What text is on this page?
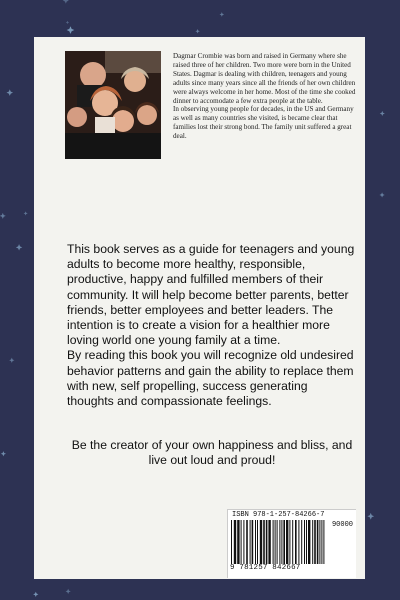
Dagmar Crombie was born and raised in Germany where she raised three of her children. Two more were born in the United States. Dagmar is dealing with children, teenagers and young adults since many years since all the friends of her own children were always welcome in her home. Most of the time she cooked dinner to accomodate a few extra people at the table.

In observing young people for decades, in the US and Germany as well as many countries she visited, is became clear that families lost their strong bond. The family unit suffered a great deal.

This book serves as a guide for teenagers and young adults to become more healthy, responsible, productive, happy and fulfilled members of their community. It will help become better parents, better friends, better employees and better leaders. The intention is to create a vision for a healthier more loving world one young family at a time.

By reading this book you will recognize old undesired behavior patterns and gain the ability to replace them with new, self propelling, success generating thoughts and compassionate feelings.

Be the creator of your own happiness and bliss, and live out loud and proud!

ISBN 978-1-257-84266-7
90000
9 781257 842667
